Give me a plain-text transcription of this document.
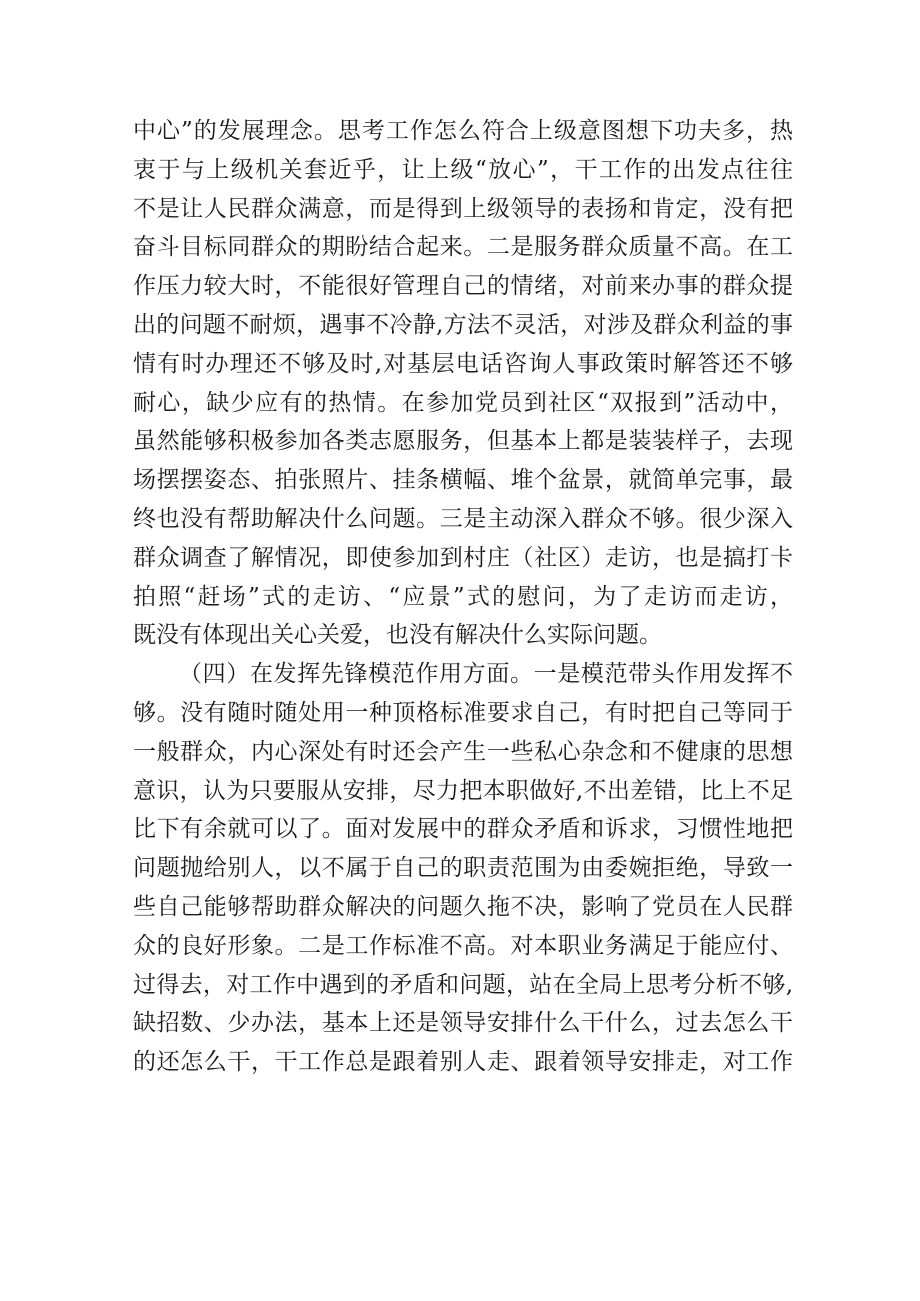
中心”的发展理念。思考工作怎么符合上级意图想下功夫多，热
衷于与上级机关套近乎，让上级“放心”，干工作的出发点往往
不是让人民群众满意，而是得到上级领导的表扬和肯定，没有把
奋斗目标同群众的期盼结合起来。二是服务群众质量不高。在工
作压力较大时，不能很好管理自己的情绪，对前来办事的群众提
出的问题不耐烦，遇事不冷静,方法不灵活，对涉及群众利益的事
情有时办理还不够及时,对基层电话咨询人事政策时解答还不够
耐心，缺少应有的热情。在参加党员到社区“双报到”活动中，
虽然能够积极参加各类志愿服务，但基本上都是装装样子，去现
场摆摆姿态、拍张照片、挂条横幅、堆个盆景，就简单完事，最
终也没有帮助解决什么问题。三是主动深入群众不够。很少深入
群众调查了解情况，即使参加到村庄（社区）走访，也是搞打卡
拍照“赶场”式的走访、“应景”式的慰问，为了走访而走访，
既没有体现出关心关爱，也没有解决什么实际问题。
（四）在发挥先锋模范作用方面。一是模范带头作用发挥不
够。没有随时随处用一种顶格标准要求自己，有时把自己等同于
一般群众，内心深处有时还会产生一些私心杂念和不健康的思想
意识，认为只要服从安排，尽力把本职做好,不出差错，比上不足
比下有余就可以了。面对发展中的群众矛盾和诉求，习惯性地把
问题抛给别人，以不属于自己的职责范围为由委婉拒绝，导致一
些自己能够帮助群众解决的问题久拖不决，影响了党员在人民群
众的良好形象。二是工作标准不高。对本职业务满足于能应付、
过得去，对工作中遇到的矛盾和问题，站在全局上思考分析不够,
缺招数、少办法，基本上还是领导安排什么干什么，过去怎么干
的还怎么干，干工作总是跟着别人走、跟着领导安排走，对工作
